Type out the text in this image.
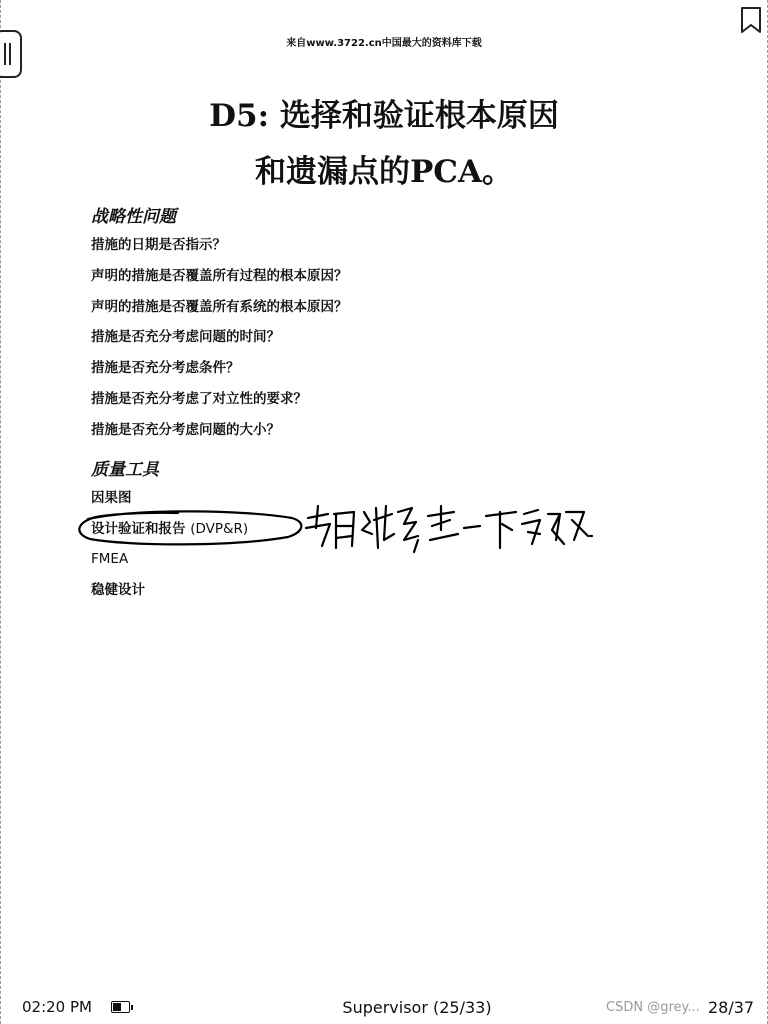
来自www.3722.cn中国最大的资料库下载
D5: 选择和验证根本原因
和遗漏点的PCA。
战略性问题
措施的日期是否指示？
声明的措施是否覆盖所有过程的根本原因？
声明的措施是否覆盖所有系统的根本原因？
措施是否充分考虑问题的时间？
措施是否充分考虑条件？
措施是否充分考虑了对立性的要求？
措施是否充分考虑问题的大小？
质量工具
因果图
设计验证和报告 (DVP&R)
FMEA
稳健设计
02:20 PM	Supervisor (25/33)	CSDN @grey... 28/37
